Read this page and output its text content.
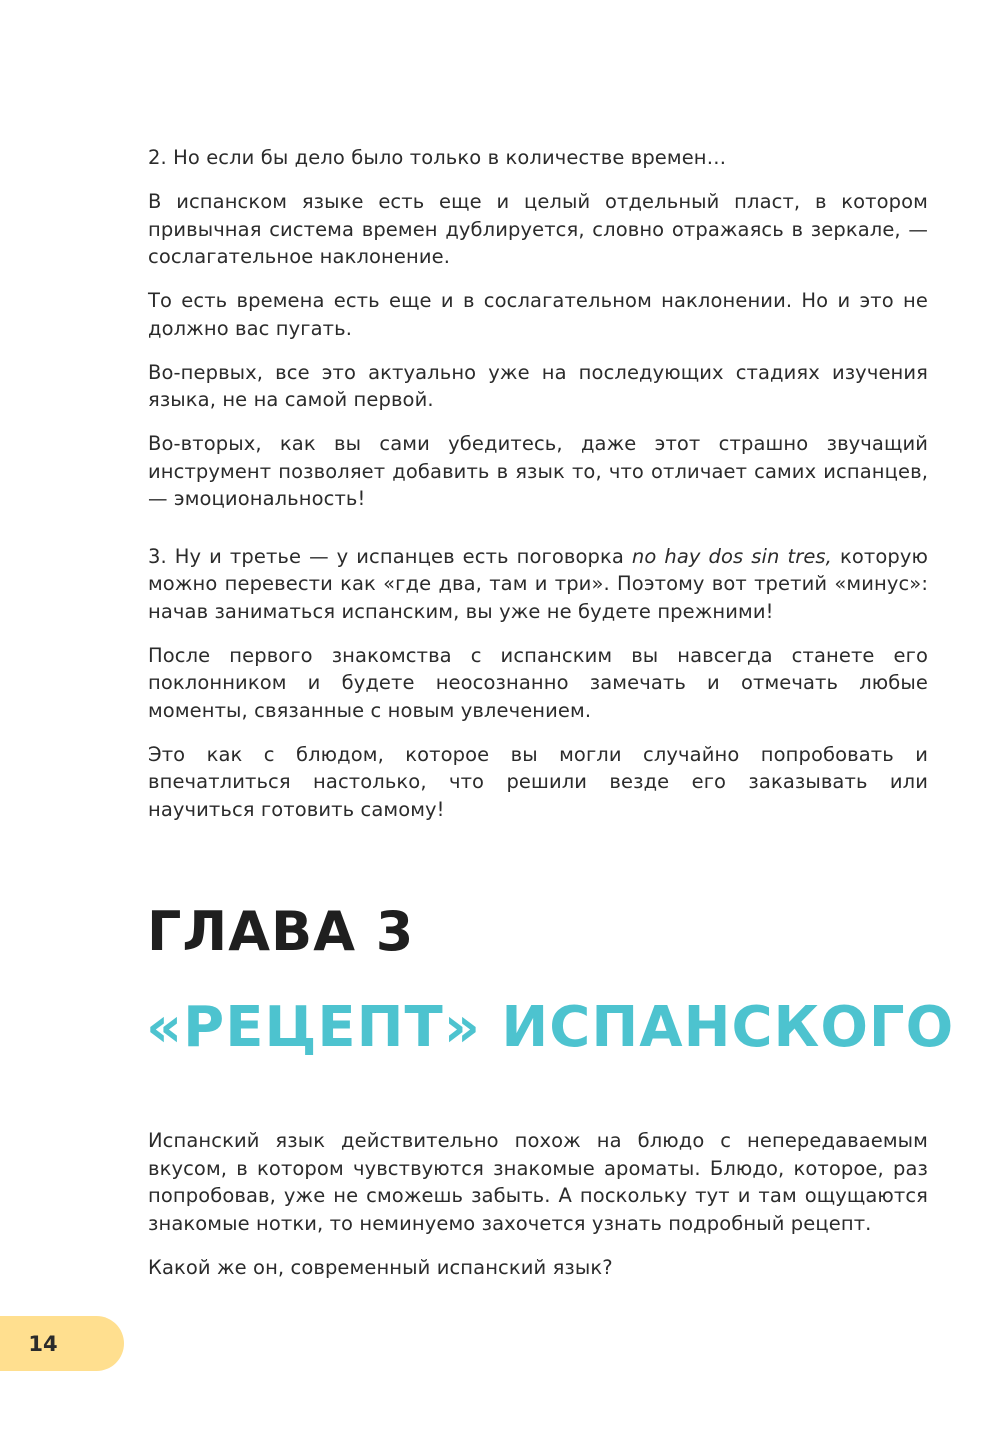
2. Но если бы дело было только в количестве времен…

В испанском языке есть еще и целый отдельный пласт, в котором привычная система времен дублируется, словно отражаясь в зеркале, — сослагательное наклонение.

То есть времена есть еще и в сослагательном наклонении. Но и это не должно вас пугать.

Во-первых, все это актуально уже на последующих стадиях изучения языка, не на самой первой.

Во-вторых, как вы сами убедитесь, даже этот страшно звучащий инструмент позволяет добавить в язык то, что отличает самих испанцев, — эмоциональность!

3. Ну и третье — у испанцев есть поговорка no hay dos sin tres, которую можно перевести как «где два, там и три». Поэтому вот третий «минус»: начав заниматься испанским, вы уже не будете прежними!

После первого знакомства с испанским вы навсегда станете его поклонником и будете неосознанно замечать и отмечать любые моменты, связанные с новым увлечением.

Это как с блюдом, которое вы могли случайно попробовать и впечатлиться настолько, что решили везде его заказывать или научиться готовить самому!

ГЛАВА 3
«РЕЦЕПТ» ИСПАНСКОГО

Испанский язык действительно похож на блюдо с непередаваемым вкусом, в котором чувствуются знакомые ароматы. Блюдо, которое, раз попробовав, уже не сможешь забыть. А поскольку тут и там ощущаются знакомые нотки, то неминуемо захочется узнать подробный рецепт.

Какой же он, современный испанский язык?

14
